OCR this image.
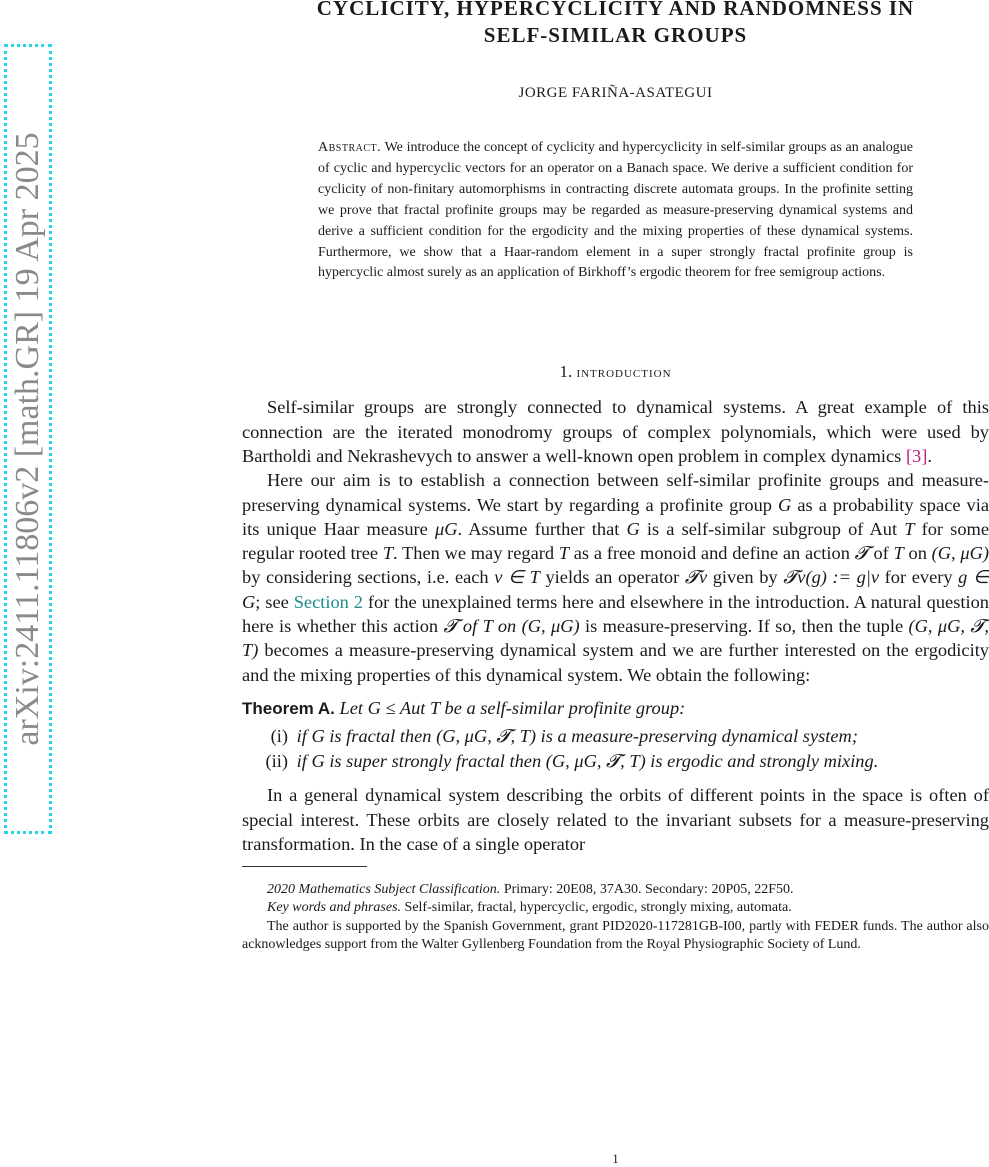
arXiv:2411.11806v2 [math.GR] 19 Apr 2025
CYCLICITY, HYPERCYCLICITY AND RANDOMNESS IN
SELF-SIMILAR GROUPS
JORGE FARIÑA-ASATEGUI
Abstract. We introduce the concept of cyclicity and hypercyclicity in self-similar groups as an analogue of cyclic and hypercyclic vectors for an operator on a Banach space. We derive a sufficient condition for cyclicity of non-finitary automorphisms in contracting discrete automata groups. In the profinite setting we prove that fractal profinite groups may be regarded as measure-preserving dynamical systems and derive a sufficient condition for the ergodicity and the mixing properties of these dynamical systems. Furthermore, we show that a Haar-random element in a super strongly fractal profinite group is hypercyclic almost surely as an application of Birkhoff’s ergodic theorem for free semigroup actions.
1. introduction

Self-similar groups are strongly connected to dynamical systems. A great example of this connection are the iterated monodromy groups of complex polynomials, which were used by Bartholdi and Nekrashevych to answer a well-known open problem in complex dynamics [3].

Here our aim is to establish a connection between self-similar profinite groups and measure-preserving dynamical systems. We start by regarding a profinite group G as a probability space via its unique Haar measure μG. Assume further that G is a self-similar subgroup of Aut T for some regular rooted tree T. Then we may regard T as a free monoid and define an action 𝓣 of T on (G, μG) by considering sections, i.e. each v ∈ T yields an operator 𝓣v given by 𝓣v(g) := g|v for every g ∈ G; see Section 2 for the unexplained terms here and elsewhere in the introduction. A natural question here is whether this action 𝓣 of T on (G, μG) is measure-preserving. If so, then the tuple (G, μG, 𝓣, T) becomes a measure-preserving dynamical system and we are further interested on the ergodicity and the mixing properties of this dynamical system. We obtain the following:

Theorem A. Let G ≤ Aut T be a self-similar profinite group:
(i) if G is fractal then (G, μG, 𝓣, T) is a measure-preserving dynamical system;
(ii) if G is super strongly fractal then (G, μG, 𝓣, T) is ergodic and strongly mixing.

In a general dynamical system describing the orbits of different points in the space is often of special interest. These orbits are closely related to the invariant subsets for a measure-preserving transformation. In the case of a single operator

2020 Mathematics Subject Classification. Primary: 20E08, 37A30. Secondary: 20P05, 22F50.

Key words and phrases. Self-similar, fractal, hypercyclic, ergodic, strongly mixing, automata.

The author is supported by the Spanish Government, grant PID2020-117281GB-I00, partly with FEDER funds. The author also acknowledges support from the Walter Gyllenberg Foundation from the Royal Physiographic Society of Lund.

1
